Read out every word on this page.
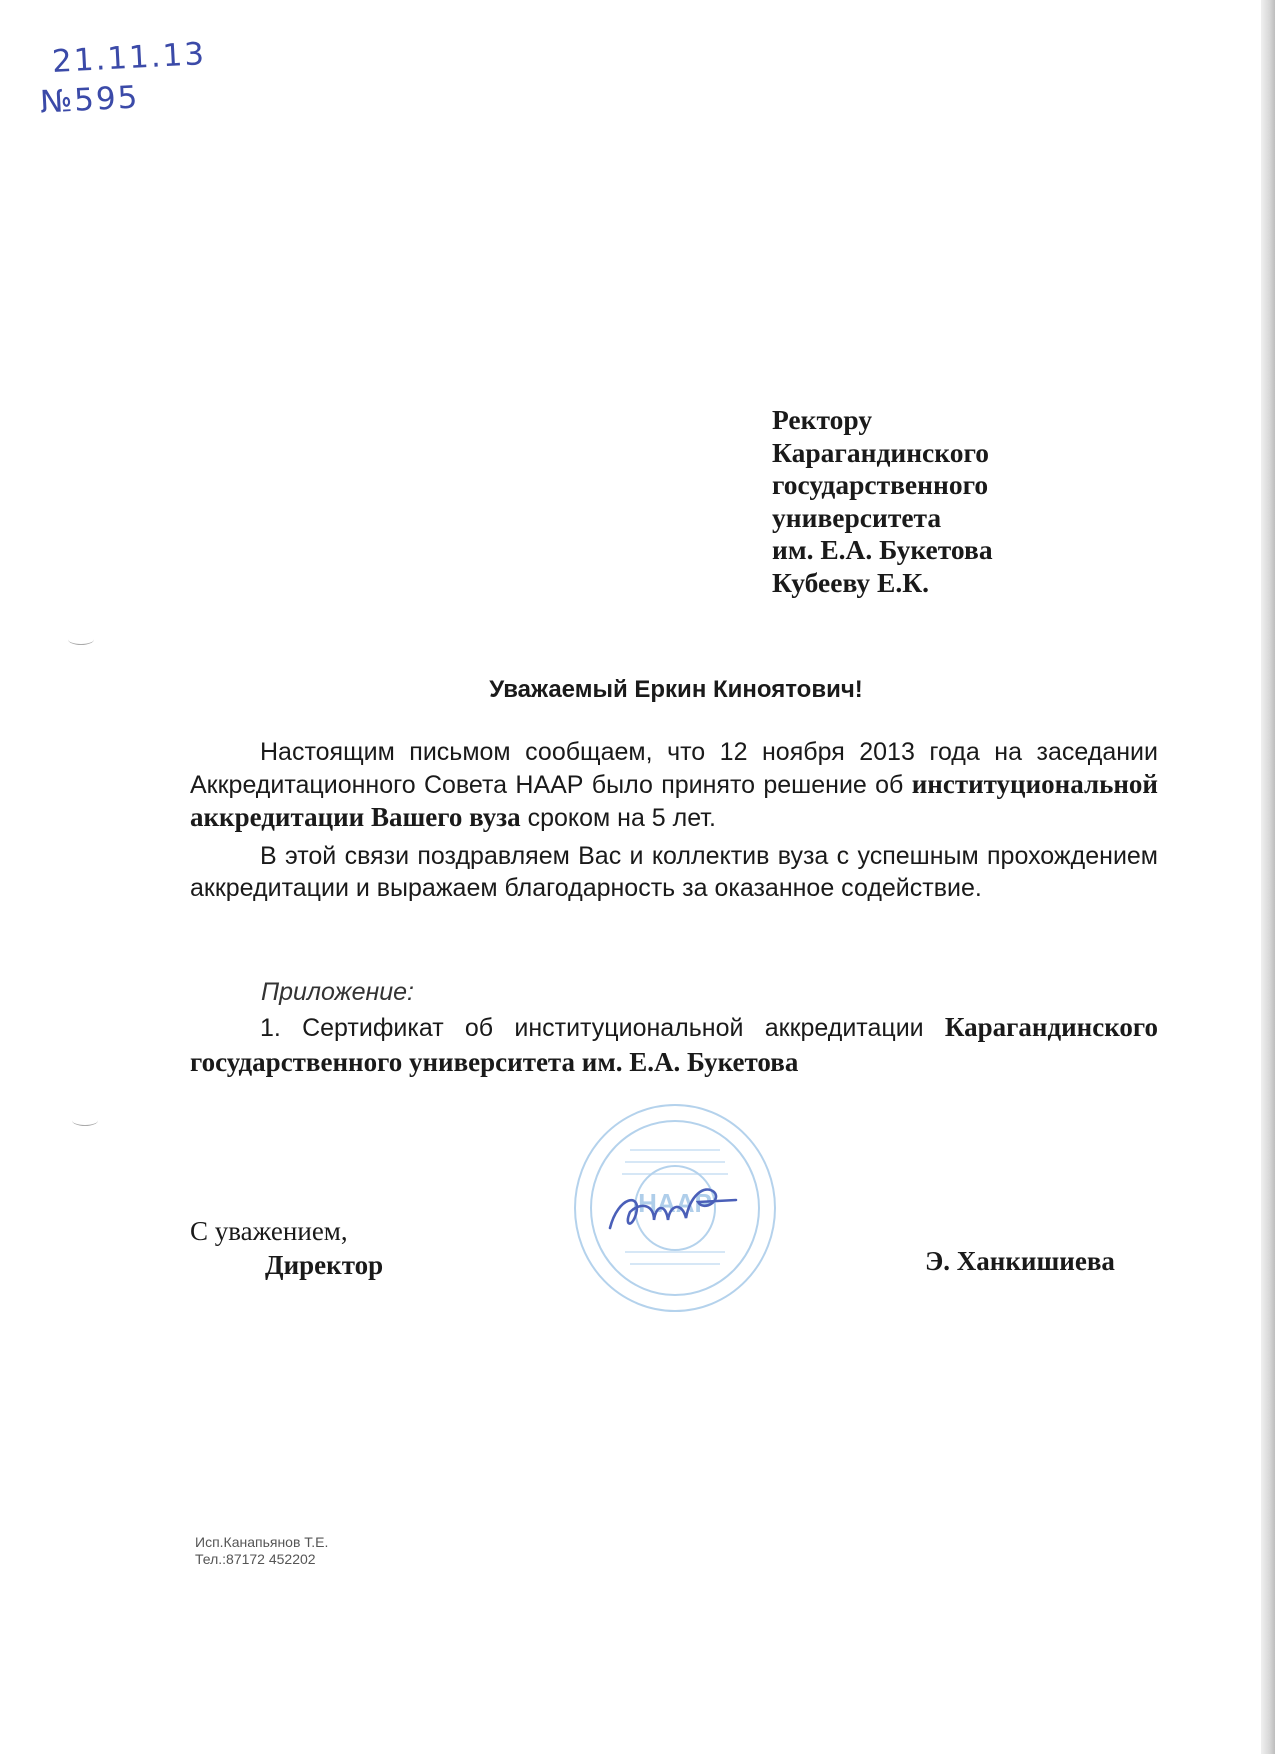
21.11.13
№595
Ректору
Карагандинского
государственного
университета
им. Е.А. Букетова
Кубееву Е.К.
Уважаемый Еркин Киноятович!

Настоящим письмом сообщаем, что 12 ноября 2013 года на заседании Аккредитационного Совета НААР было принято решение об институциональной аккредитации Вашего вуза сроком на 5 лет.

В этой связи поздравляем Вас и коллектив вуза с успешным прохождением аккредитации и выражаем благодарность за оказанное содействие.

Приложение:
1. Сертификат об институциональной аккредитации Карагандинского государственного университета им. Е.А. Букетова
НААР
С уважением,
Директор	Э. Ханкишиева
Исп.Канапьянов Т.Е.
Тел.:87172 452202
